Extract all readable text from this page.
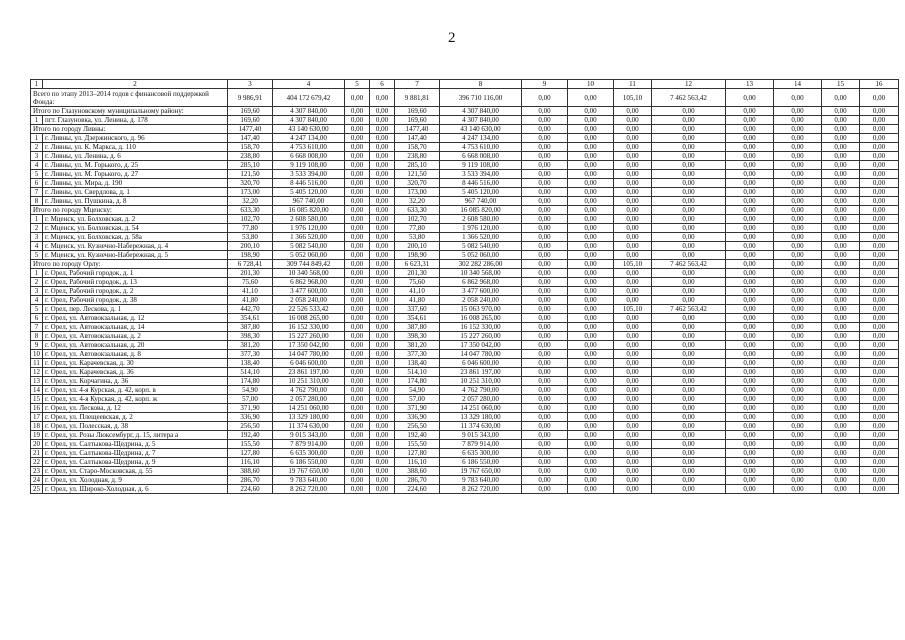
2
1	2	3	4	5	6	7	8	9	10	11	12	13	14	15	16
Всего по этапу 2013–2014 годов с финансовой поддержкой Фонда:		9 986,91	404 172 679,42	0,00	0,00	9 881,81	396 710 116,00	0,00	0,00	105,10	7 462 563,42	0,00	0,00	0,00	0,00
Итого по Глазуновскому муниципальному району:		169,60	4 307 840,00	0,00	0,00	169,60	4 307 840,00	0,00	0,00	0,00	0,00	0,00	0,00	0,00	0,00
1	пгт. Глазуновка, ул. Ленина, д. 178	169,60	4 307 840,00	0,00	0,00	169,60	4 307 840,00	0,00	0,00	0,00	0,00	0,00	0,00	0,00	0,00
Итого по городу Ливны:		1477,40	43 140 630,00	0,00	0,00	1477,40	43 140 630,00	0,00	0,00	0,00	0,00	0,00	0,00	0,00	0,00
1	г. Ливны, ул. Дзержинского, д. 96	147,40	4 247 134,00	0,00	0,00	147,40	4 247 134,00	0,00	0,00	0,00	0,00	0,00	0,00	0,00	0,00
2	г. Ливны, ул. К. Маркса, д. 110	158,70	4 753 610,00	0,00	0,00	158,70	4 753 610,00	0,00	0,00	0,00	0,00	0,00	0,00	0,00	0,00
3	г. Ливны, ул. Ленина, д. 6	238,80	6 668 008,00	0,00	0,00	238,80	6 668 008,00	0,00	0,00	0,00	0,00	0,00	0,00	0,00	0,00
4	г. Ливны, ул. М. Горького, д. 25	285,10	9 119 108,00	0,00	0,00	285,10	9 119 108,00	0,00	0,00	0,00	0,00	0,00	0,00	0,00	0,00
5	г. Ливны, ул. М. Горького, д. 27	121,50	3 533 394,00	0,00	0,00	121,50	3 533 394,00	0,00	0,00	0,00	0,00	0,00	0,00	0,00	0,00
6	г. Ливны, ул. Мира, д. 190	320,70	8 446 516,00	0,00	0,00	320,70	8 446 516,00	0,00	0,00	0,00	0,00	0,00	0,00	0,00	0,00
7	г. Ливны, ул. Свердлова, д. 1	173,00	5 405 120,00	0,00	0,00	173,00	5 405 120,00	0,00	0,00	0,00	0,00	0,00	0,00	0,00	0,00
8	г. Ливны, ул. Пушкина, д. 8	32,20	967 740,00	0,00	0,00	32,20	967 740,00	0,00	0,00	0,00	0,00	0,00	0,00	0,00	0,00
Итого по городу Мценску:		633,30	16 085 820,00	0,00	0,00	633,30	16 085 820,00	0,00	0,00	0,00	0,00	0,00	0,00	0,00	0,00
1	г. Мценск, ул. Болховская, д. 2	102,70	2 608 580,00	0,00	0,00	102,70	2 608 580,00	0,00	0,00	0,00	0,00	0,00	0,00	0,00	0,00
2	г. Мценск, ул. Болховская, д. 54	77,80	1 976 120,00	0,00	0,00	77,80	1 976 120,00	0,00	0,00	0,00	0,00	0,00	0,00	0,00	0,00
3	г. Мценск, ул. Болховская, д. 58а	53,80	1 366 520,00	0,00	0,00	53,80	1 366 520,00	0,00	0,00	0,00	0,00	0,00	0,00	0,00	0,00
4	г. Мценск, ул. Кузнечно-Набережная, д. 4	200,10	5 082 540,00	0,00	0,00	200,10	5 082 540,00	0,00	0,00	0,00	0,00	0,00	0,00	0,00	0,00
5	г. Мценск, ул. Кузнечно-Набережная, д. 5	198,90	5 052 060,00	0,00	0,00	198,90	5 052 060,00	0,00	0,00	0,00	0,00	0,00	0,00	0,00	0,00
Итого по городу Орлу:		6 728,41	309 744 849,42	0,00	0,00	6 623,31	302 282 286,00	0,00	0,00	105,10	7 462 563,42	0,00	0,00	0,00	0,00
1	г. Орел, Рабочий городок, д. 1	201,30	10 340 568,00	0,00	0,00	201,30	10 340 568,00	0,00	0,00	0,00	0,00	0,00	0,00	0,00	0,00
2	г. Орел, Рабочий городок, д. 13	75,60	6 862 968,00	0,00	0,00	75,60	6 862 968,00	0,00	0,00	0,00	0,00	0,00	0,00	0,00	0,00
3	г. Орел, Рабочий городок, д. 2	41,10	3 477 600,00	0,00	0,00	41,10	3 477 600,00	0,00	0,00	0,00	0,00	0,00	0,00	0,00	0,00
4	г. Орел, Рабочий городок, д. 38	41,80	2 058 240,00	0,00	0,00	41,80	2 058 240,00	0,00	0,00	0,00	0,00	0,00	0,00	0,00	0,00
5	г. Орел, пер. Лескова, д. 1	442,70	22 526 533,42	0,00	0,00	337,60	15 063 970,00	0,00	0,00	105,10	7 462 563,42	0,00	0,00	0,00	0,00
6	г. Орел, ул. Автовокзальная, д. 12	354,61	16 008 265,00	0,00	0,00	354,61	16 008 265,00	0,00	0,00	0,00	0,00	0,00	0,00	0,00	0,00
7	г. Орел, ул. Автовокзальная, д. 14	387,80	16 152 330,00	0,00	0,00	387,80	16 152 330,00	0,00	0,00	0,00	0,00	0,00	0,00	0,00	0,00
8	г. Орел, ул. Автовокзальная, д. 2	398,30	15 227 260,00	0,00	0,00	398,30	15 227 260,00	0,00	0,00	0,00	0,00	0,00	0,00	0,00	0,00
9	г. Орел, ул. Автовокзальная, д. 20	381,20	17 350 042,00	0,00	0,00	381,20	17 350 042,00	0,00	0,00	0,00	0,00	0,00	0,00	0,00	0,00
10	г. Орел, ул. Автовокзальная, д. 8	377,30	14 047 780,00	0,00	0,00	377,30	14 047 780,00	0,00	0,00	0,00	0,00	0,00	0,00	0,00	0,00
11	г. Орел, ул. Карачевская, д. 30	138,40	6 046 600,00	0,00	0,00	138,40	6 046 600,00	0,00	0,00	0,00	0,00	0,00	0,00	0,00	0,00
12	г. Орел, ул. Карачевская, д. 36	514,10	23 861 197,00	0,00	0,00	514,10	23 861 197,00	0,00	0,00	0,00	0,00	0,00	0,00	0,00	0,00
13	г. Орел, ул. Корчагина, д. 36	174,80	10 251 310,00	0,00	0,00	174,80	10 251 310,00	0,00	0,00	0,00	0,00	0,00	0,00	0,00	0,00
14	г. Орел, ул. 4-я Курская, д. 42, корп. в	54,90	4 762 790,00	0,00	0,00	54,90	4 762 790,00	0,00	0,00	0,00	0,00	0,00	0,00	0,00	0,00
15	г. Орел, ул. 4-я Курская, д. 42, корп. ж	57,00	2 057 280,00	0,00	0,00	57,00	2 057 280,00	0,00	0,00	0,00	0,00	0,00	0,00	0,00	0,00
16	г. Орел, ул. Лескова, д. 12	371,90	14 251 060,00	0,00	0,00	371,90	14 251 060,00	0,00	0,00	0,00	0,00	0,00	0,00	0,00	0,00
17	г. Орел, ул. Плещеевская, д. 2	336,90	13 329 180,00	0,00	0,00	336,90	13 329 180,00	0,00	0,00	0,00	0,00	0,00	0,00	0,00	0,00
18	г. Орел, ул. Полесская, д. 38	256,50	11 374 630,00	0,00	0,00	256,50	11 374 630,00	0,00	0,00	0,00	0,00	0,00	0,00	0,00	0,00
19	г. Орел, ул. Розы Люксембург, д. 15, литера а	192,40	9 015 343,00	0,00	0,00	192,40	9 015 343,00	0,00	0,00	0,00	0,00	0,00	0,00	0,00	0,00
20	г. Орел, ул. Салтыкова-Щедрина, д. 5	155,50	7 879 914,00	0,00	0,00	155,50	7 879 914,00	0,00	0,00	0,00	0,00	0,00	0,00	0,00	0,00
21	г. Орел, ул. Салтыкова-Щедрина, д. 7	127,80	6 635 300,00	0,00	0,00	127,80	6 635 300,00	0,00	0,00	0,00	0,00	0,00	0,00	0,00	0,00
22	г. Орел, ул. Салтыкова-Щедрина, д. 9	116,10	6 186 550,00	0,00	0,00	116,10	6 186 550,00	0,00	0,00	0,00	0,00	0,00	0,00	0,00	0,00
23	г. Орел, ул. Старо-Московская, д. 55	388,60	19 767 650,00	0,00	0,00	388,60	19 767 650,00	0,00	0,00	0,00	0,00	0,00	0,00	0,00	0,00
24	г. Орел, ул. Холодная, д. 9	286,70	9 783 640,00	0,00	0,00	286,70	9 783 640,00	0,00	0,00	0,00	0,00	0,00	0,00	0,00	0,00
25	г. Орел, ул. Широко-Холодная, д. 6	224,60	8 262 720,00	0,00	0,00	224,60	8 262 720,00	0,00	0,00	0,00	0,00	0,00	0,00	0,00	0,00
